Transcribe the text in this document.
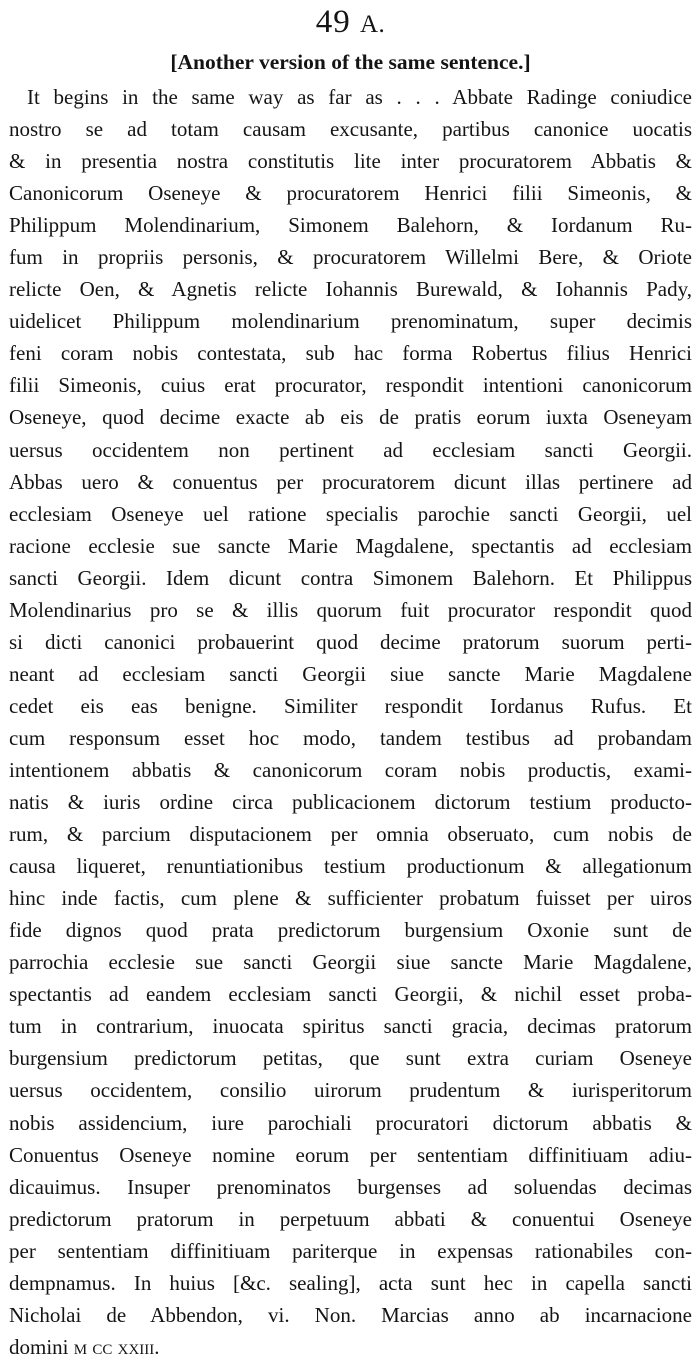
49 A.
[Another version of the same sentence.]
It begins in the same way as far as . . . Abbate Radinge coniudice
nostro se ad totam causam excusante, partibus canonice uocatis
& in presentia nostra constitutis lite inter procuratorem Abbatis &
Canonicorum Oseneye & procuratorem Henrici filii Simeonis, &
Philippum Molendinarium, Simonem Balehorn, & Iordanum Ru-
fum in propriis personis, & procuratorem Willelmi Bere, & Oriote
relicte Oen, & Agnetis relicte Iohannis Burewald, & Iohannis Pady,
uidelicet Philippum molendinarium prenominatum, super decimis
feni coram nobis contestata, sub hac forma Robertus filius Henrici
filii Simeonis, cuius erat procurator, respondit intentioni canonicorum
Oseneye, quod decime exacte ab eis de pratis eorum iuxta Oseneyam
uersus occidentem non pertinent ad ecclesiam sancti Georgii.
Abbas uero & conuentus per procuratorem dicunt illas pertinere ad
ecclesiam Oseneye uel ratione specialis parochie sancti Georgii, uel
racione ecclesie sue sancte Marie Magdalene, spectantis ad ecclesiam
sancti Georgii. Idem dicunt contra Simonem Balehorn. Et Philippus
Molendinarius pro se & illis quorum fuit procurator respondit quod
si dicti canonici probauerint quod decime pratorum suorum perti-
neant ad ecclesiam sancti Georgii siue sancte Marie Magdalene
cedet eis eas benigne. Similiter respondit Iordanus Rufus. Et
cum responsum esset hoc modo, tandem testibus ad probandam
intentionem abbatis & canonicorum coram nobis productis, exami-
natis & iuris ordine circa publicacionem dictorum testium producto-
rum, & parcium disputacionem per omnia obseruato, cum nobis de
causa liqueret, renuntiationibus testium productionum & allegationum
hinc inde factis, cum plene & sufficienter probatum fuisset per uiros
fide dignos quod prata predictorum burgensium Oxonie sunt de
parrochia ecclesie sue sancti Georgii siue sancte Marie Magdalene,
spectantis ad eandem ecclesiam sancti Georgii, & nichil esset proba-
tum in contrarium, inuocata spiritus sancti gracia, decimas pratorum
burgensium predictorum petitas, que sunt extra curiam Oseneye
uersus occidentem, consilio uirorum prudentum & iurisperitorum
nobis assidencium, iure parochiali procuratori dictorum abbatis &
Conuentus Oseneye nomine eorum per sententiam diffinitiuam adiu-
dicauimus. Insuper prenominatos burgenses ad soluendas decimas
predictorum pratorum in perpetuum abbati & conuentui Oseneye
per sententiam diffinitiuam pariterque in expensas rationabiles con-
dempnamus. In huius [&c. sealing], acta sunt hec in capella sancti
Nicholai de Abbendon, vi. Non. Marcias anno ab incarnacione
domini m cc xxiii.
